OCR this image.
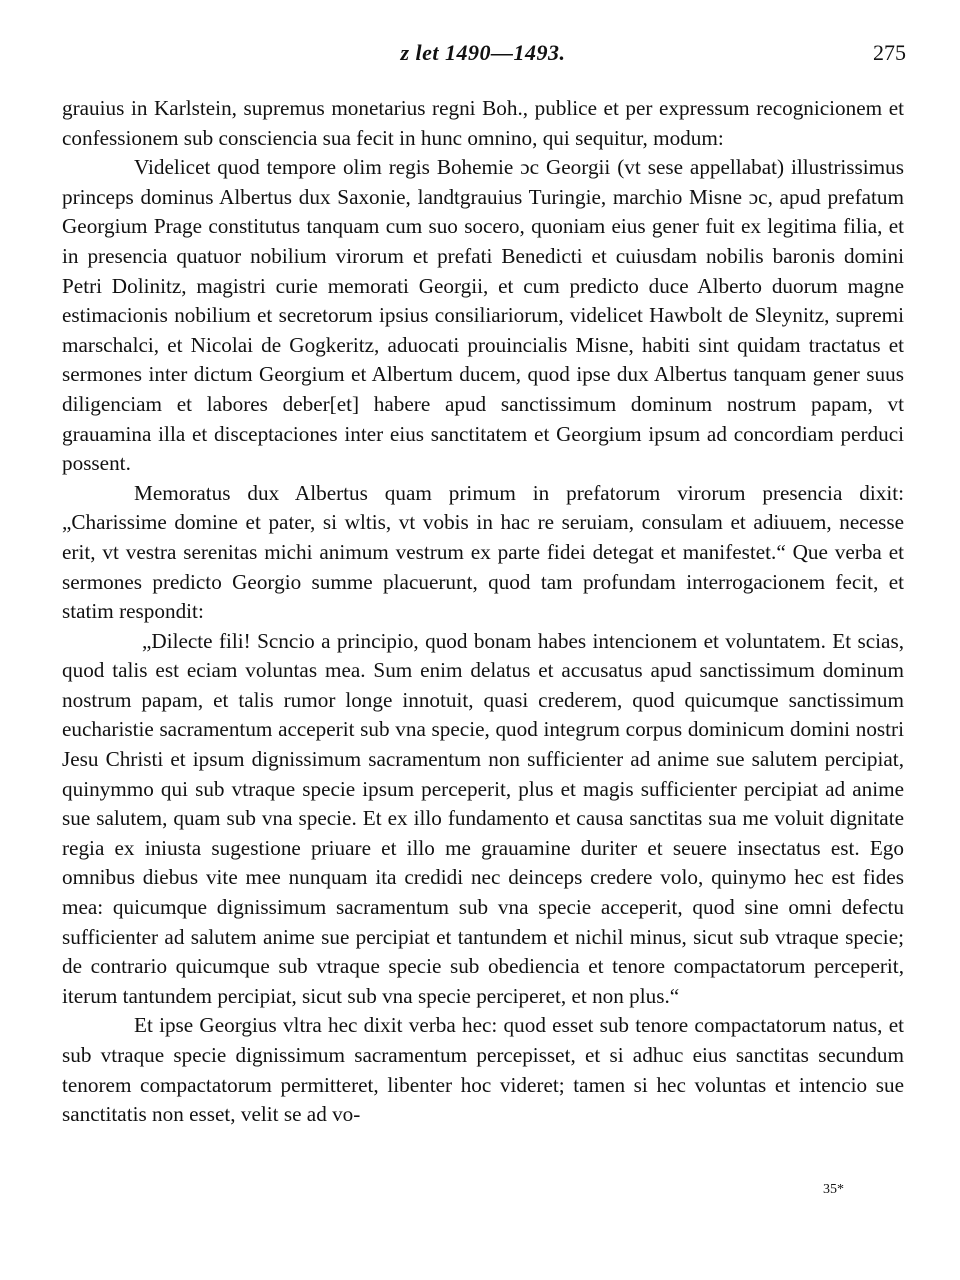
z let 1490—1493.	275

grauius in Karlstein, supremus monetarius regni Boh., publice et per expressum recognicionem et confessionem sub consciencia sua fecit in hunc omnino, qui sequitur, modum:

Videlicet quod tempore olim regis Bohemie ɔc Georgii (vt sese appellabat) illustrissimus princeps dominus Albertus dux Saxonie, landtgrauius Turingie, marchio Misne ɔc, apud prefatum Georgium Prage constitutus tanquam cum suo socero, quoniam eius gener fuit ex legitima filia, et in presencia quatuor nobilium virorum et prefati Benedicti et cuiusdam nobilis baronis domini Petri Dolinitz, magistri curie memorati Georgii, et cum predicto duce Alberto duorum magne estimacionis nobilium et secretorum ipsius consiliariorum, videlicet Hawbolt de Sleynitz, supremi marschalci, et Nicolai de Gogkeritz, aduocati prouincialis Misne, habiti sint quidam tractatus et sermones inter dictum Georgium et Albertum ducem, quod ipse dux Albertus tanquam gener suus diligenciam et labores deber[et] habere apud sanctissimum dominum nostrum papam, vt grauamina illa et disceptaciones inter eius sanctitatem et Georgium ipsum ad concordiam perduci possent.

Memoratus dux Albertus quam primum in prefatorum virorum presencia dixit: „Charissime domine et pater, si wltis, vt vobis in hac re seruiam, consulam et adiuuem, necesse erit, vt vestra serenitas michi animum vestrum ex parte fidei detegat et manifestet.“ Que verba et sermones predicto Georgio summe placuerunt, quod tam profundam interrogacionem fecit, et statim respondit:

„Dilecte fili! Scncio a principio, quod bonam habes intencionem et voluntatem. Et scias, quod talis est eciam voluntas mea. Sum enim delatus et accusatus apud sanctissimum dominum nostrum papam, et talis rumor longe innotuit, quasi crederem, quod quicumque sanctissimum eucharistie sacramentum acceperit sub vna specie, quod integrum corpus dominicum domini nostri Jesu Christi et ipsum dignissimum sacramentum non sufficienter ad anime sue salutem percipiat, quinymmo qui sub vtraque specie ipsum perceperit, plus et magis sufficienter percipiat ad anime sue salutem, quam sub vna specie. Et ex illo fundamento et causa sanctitas sua me voluit dignitate regia ex iniusta sugestione priuare et illo me grauamine duriter et seuere insectatus est. Ego omnibus diebus vite mee nunquam ita credidi nec deinceps credere volo, quinymo hec est fides mea: quicumque dignissimum sacramentum sub vna specie acceperit, quod sine omni defectu sufficienter ad salutem anime sue percipiat et tantundem et nichil minus, sicut sub vtraque specie; de contrario quicumque sub vtraque specie sub obediencia et tenore compactatorum perceperit, iterum tantundem percipiat, sicut sub vna specie perciperet, et non plus.“

Et ipse Georgius vltra hec dixit verba hec: quod esset sub tenore compactatorum natus, et sub vtraque specie dignissimum sacramentum percepisset, et si adhuc eius sanctitas secundum tenorem compactatorum permitteret, libenter hoc videret; tamen si hec voluntas et intencio sue sanctitatis non esset, velit se ad vo-

35*
